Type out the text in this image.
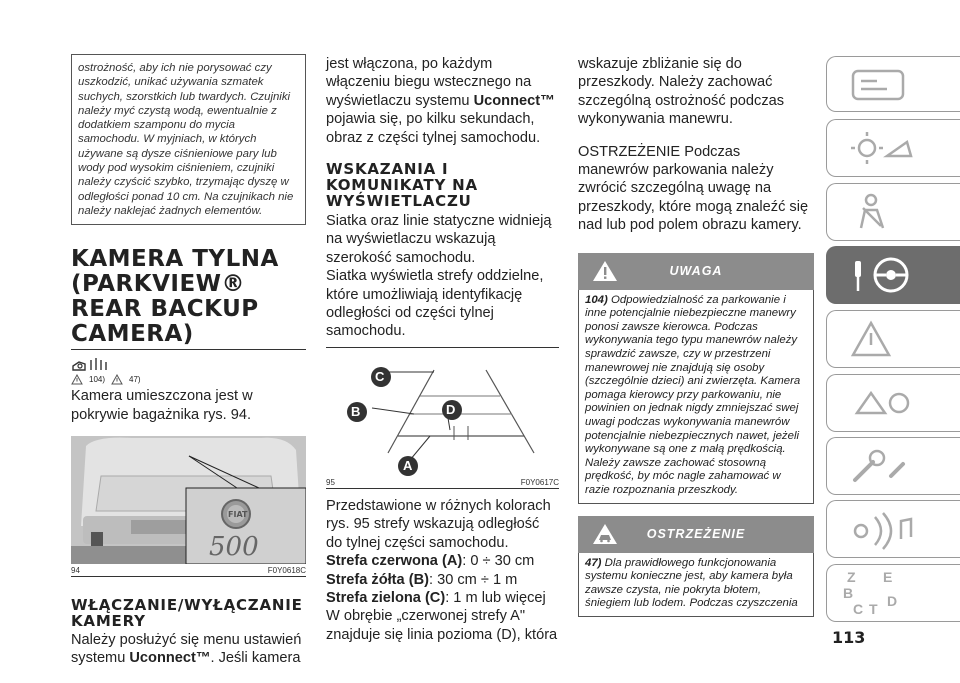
ostrożność, aby ich nie porysować czy uszkodzić, unikać używania szmatek suchych, szorstkich lub twardych. Czujniki należy myć czystą wodą, ewentualnie z dodatkiem szamponu do mycia samochodu. W myjniach, w których używane są dysze ciśnieniowe pary lub wody pod wysokim ciśnieniem, czujniki należy czyścić szybko, trzymając dyszę w odległości ponad 10 cm. Na czujnikach nie należy naklejać żadnych elementów.
KAMERA TYLNA (PARKVIEW® REAR BACKUP CAMERA)
104)	47)

Kamera umieszczona jest w pokrywie bagażnika rys. 94.

FIAT
500
94	F0Y0618C
WŁĄCZANIE/WYŁĄCZANIE KAMERY

Należy posłużyć się menu ustawień systemu Uconnect™. Jeśli kamera

jest włączona, po każdym włączeniu biegu wstecznego na wyświetlaczu systemu Uconnect™ pojawia się, po kilku sekundach, obraz z części tylnej samochodu.

WSKAZANIA I KOMUNIKATY NA WYŚWIETLACZU

Siatka oraz linie statyczne widnieją na wyświetlaczu wskazują szerokość samochodu.

Siatka wyświetla strefy oddzielne, które umożliwiają identyfikację odległości od części tylnej samochodu.

C
B	D
A
95	F0Y0617C

Przedstawione w różnych kolorach rys. 95 strefy wskazują odległość do tylnej części samochodu.

Strefa czerwona (A): 0 ÷ 30 cm

Strefa żółta (B): 30 cm ÷ 1 m

Strefa zielona (C): 1 m lub więcej

W obrębie „czerwonej strefy A" znajduje się linia pozioma (D), która

wskazuje zbliżanie się do przeszkody. Należy zachować szczególną ostrożność podczas wykonywania manewru.

OSTRZEŻENIE Podczas manewrów parkowania należy zwrócić szczególną uwagę na przeszkody, które mogą znaleźć się nad lub pod polem obrazu kamery.

UWAGA
104) Odpowiedzialność za parkowanie i inne potencjalnie niebezpieczne manewry ponosi zawsze kierowca. Podczas wykonywania tego typu manewrów należy sprawdzić zawsze, czy w przestrzeni manewrowej nie znajdują się osoby (szczególnie dzieci) ani zwierzęta. Kamera pomaga kierowcy przy parkowaniu, nie powinien on jednak nigdy zmniejszać swej uwagi podczas wykonywania manewrów potencjalnie niebezpiecznych nawet, jeżeli wykonywane są one z małą prędkością. Należy zawsze zachować stosowną prędkość, by móc nagle zahamować w razie rozpoznania przeszkody.
OSTRZEŻENIE
47) Dla prawidłowego funkcjonowania systemu konieczne jest, aby kamera była zawsze czysta, nie pokryta błotem, śniegiem lub lodem. Podczas czyszczenia
Z E
B
C T D
113
